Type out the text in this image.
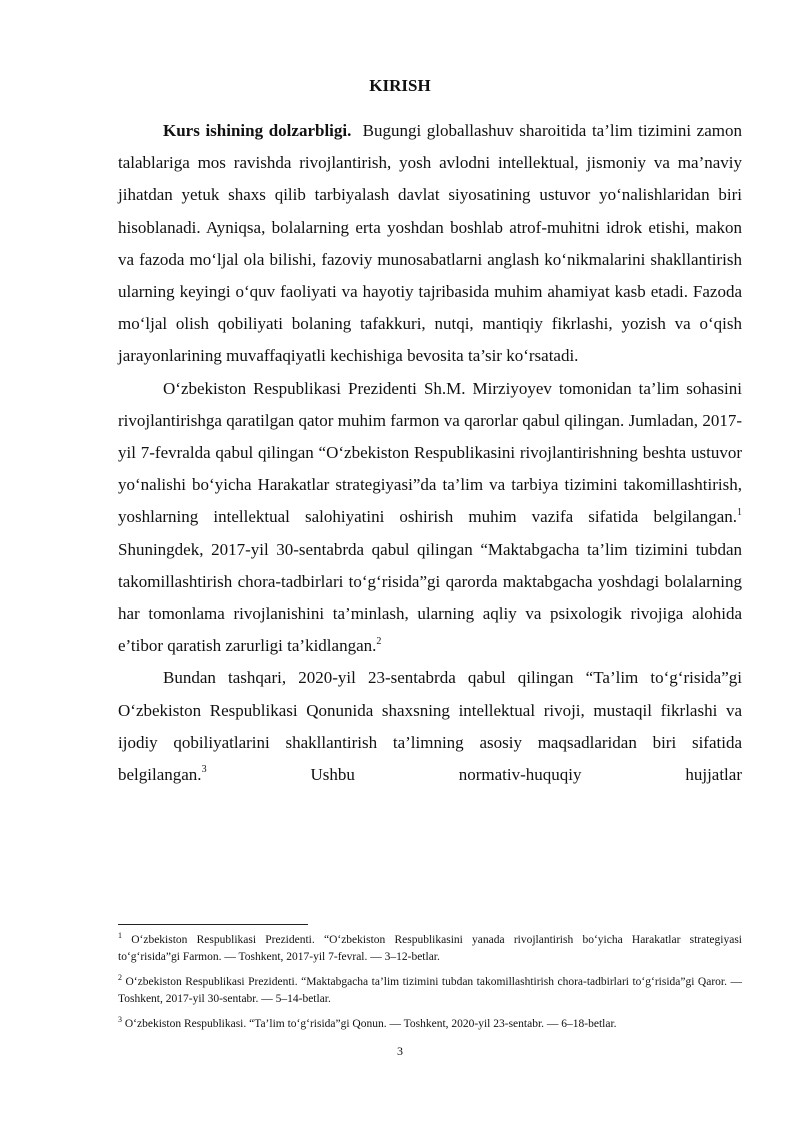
KIRISH

Kurs ishining dolzarbligi. Bugungi globallashuv sharoitida ta’lim tizimini zamon talablariga mos ravishda rivojlantirish, yosh avlodni intellektual, jismoniy va ma’naviy jihatdan yetuk shaxs qilib tarbiyalash davlat siyosatining ustuvor yo‘nalishlaridan biri hisoblanadi. Ayniqsa, bolalarning erta yoshdan boshlab atrof-muhitni idrok etishi, makon va fazoda mo‘ljal ola bilishi, fazoviy munosabatlarni anglash ko‘nikmalarini shakllantirish ularning keyingi o‘quv faoliyati va hayotiy tajribasida muhim ahamiyat kasb etadi. Fazoda mo‘ljal olish qobiliyati bolaning tafakkuri, nutqi, mantiqiy fikrlashi, yozish va o‘qish jarayonlarining muvaffaqiyatli kechishiga bevosita ta’sir ko‘rsatadi.

O‘zbekiston Respublikasi Prezidenti Sh.M. Mirziyoyev tomonidan ta’lim sohasini rivojlantirishga qaratilgan qator muhim farmon va qarorlar qabul qilingan. Jumladan, 2017-yil 7-fevralda qabul qilingan “O‘zbekiston Respublikasini rivojlantirishning beshta ustuvor yo‘nalishi bo‘yicha Harakatlar strategiyasi”da ta’lim va tarbiya tizimini takomillashtirish, yoshlarning intellektual salohiyatini oshirish muhim vazifa sifatida belgilangan.$^1$ Shuningdek, 2017-yil 30-sentabrda qabul qilingan “Maktabgacha ta’lim tizimini tubdan takomillashtirish chora-tadbirlari to‘g‘risida”gi qarorda maktabgacha yoshdagi bolalarning har tomonlama rivojlanishini ta’minlash, ularning aqliy va psixologik rivojiga alohida e’tibor qaratish zarurligi ta’kidlangan.$^2$

Bundan tashqari, 2020-yil 23-sentabrda qabul qilingan “Ta’lim to‘g‘risida”gi O‘zbekiston Respublikasi Qonunida shaxsning intellektual rivoji, mustaqil fikrlashi va ijodiy qobiliyatlarini shakllantirish ta’limning asosiy maqsadlaridan biri sifatida belgilangan.$^3$ Ushbu normativ-huquqiy hujjatlar

$^1$ O‘zbekiston Respublikasi Prezidenti. “O‘zbekiston Respublikasini yanada rivojlantirish bo‘yicha Harakatlar strategiyasi to‘g‘risida”gi Farmon. — Toshkent, 2017-yil 7-fevral. — 3–12-betlar.

$^2$ O‘zbekiston Respublikasi Prezidenti. “Maktabgacha ta’lim tizimini tubdan takomillashtirish chora-tadbirlari to‘g‘risida”gi Qaror. — Toshkent, 2017-yil 30-sentabr. — 5–14-betlar.

$^3$ O‘zbekiston Respublikasi. “Ta’lim to‘g‘risida”gi Qonun. — Toshkent, 2020-yil 23-sentabr. — 6–18-betlar.

3
